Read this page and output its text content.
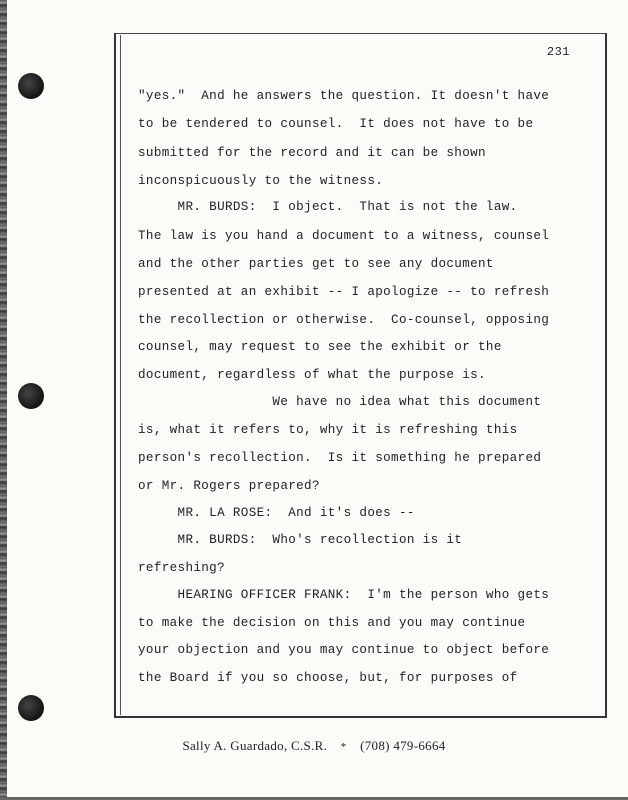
231
"yes."  And he answers the question. It doesn't have
to be tendered to counsel.  It does not have to be
submitted for the record and it can be shown
inconspicuously to the witness.
MR. BURDS:  I object.  That is not the law.
The law is you hand a document to a witness, counsel
and the other parties get to see any document
presented at an exhibit -- I apologize -- to refresh
the recollection or otherwise.  Co-counsel, opposing
counsel, may request to see the exhibit or the
document, regardless of what the purpose is.
We have no idea what this document
is, what it refers to, why it is refreshing this
person's recollection.  Is it something he prepared
or Mr. Rogers prepared?
MR. LA ROSE:  And it's does --
MR. BURDS:  Who's recollection is it
refreshing?
HEARING OFFICER FRANK:  I'm the person who gets
to make the decision on this and you may continue
your objection and you may continue to object before
the Board if you so choose, but, for purposes of
Sally A. Guardado, C.S.R. * (708) 479-6664
